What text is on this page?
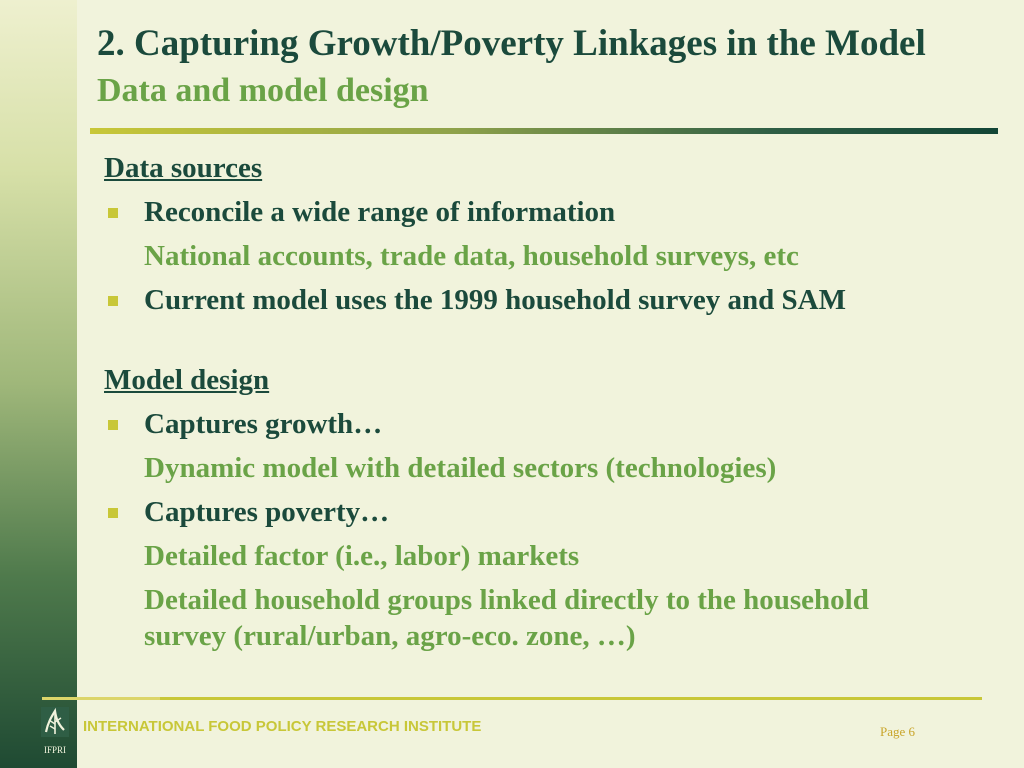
2. Capturing Growth/Poverty Linkages in the Model
Data and model design
Data sources
Reconcile a wide range of information
National accounts, trade data, household surveys, etc
Current model uses the 1999 household survey and SAM
Model design
Captures growth…
Dynamic model with detailed sectors (technologies)
Captures poverty…
Detailed factor (i.e., labor) markets
Detailed household groups linked directly to the household survey (rural/urban, agro-eco. zone, …)
IFPRI
INTERNATIONAL FOOD POLICY RESEARCH INSTITUTE	Page 6
